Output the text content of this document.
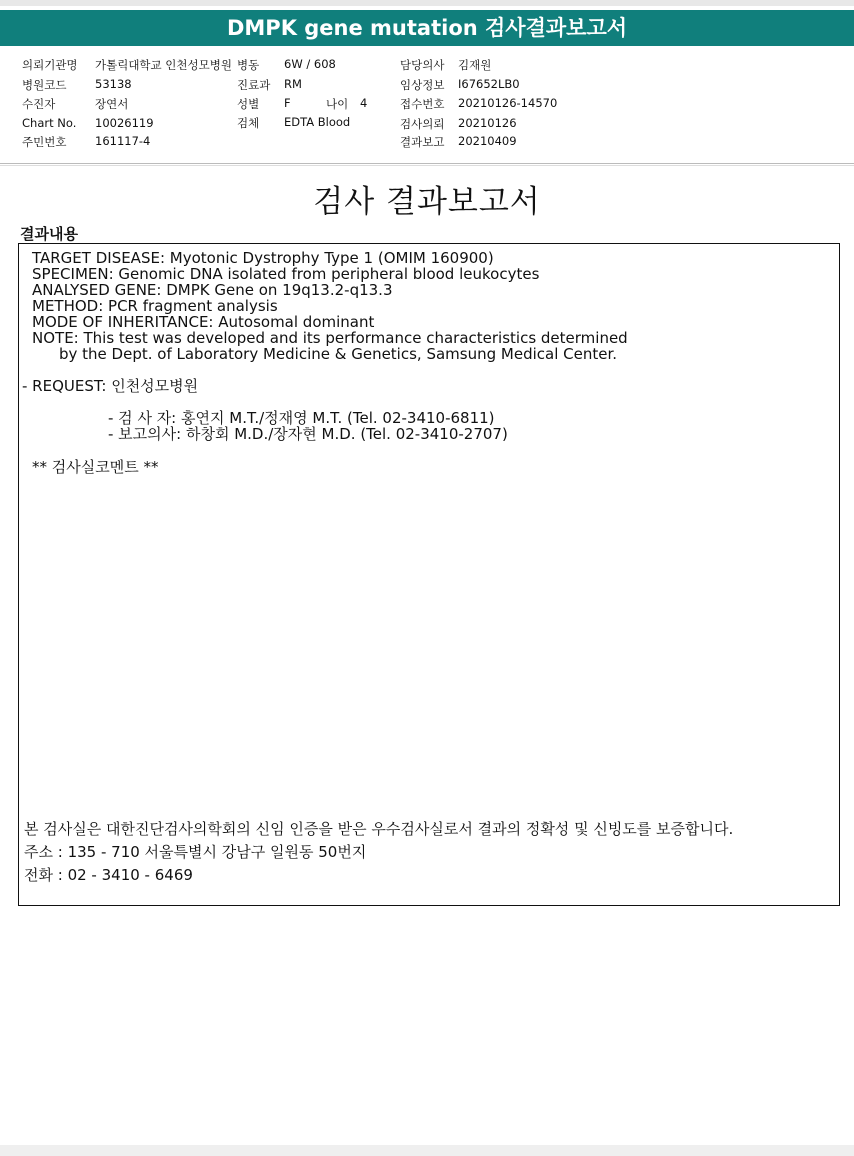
DMPK gene mutation 검사결과보고서
의뢰기관명 가톨릭대학교 인천성모병원
병원코드 53138
수진자	장연서
Chart No. 10026119
주민번호 161117-4
병동 6W / 608
진료과 RM
성별 F	나이 4
검체 EDTA Blood
담당의사 김재원
임상정보 I67652LB0
접수번호 20210126-14570
검사의뢰 20210126
결과보고 20210409
검사 결과보고서
결과내용
TARGET DISEASE: Myotonic Dystrophy Type 1 (OMIM 160900)
SPECIMEN: Genomic DNA isolated from peripheral blood leukocytes
ANALYSED GENE: DMPK Gene on 19q13.2-q13.3
METHOD: PCR fragment analysis
MODE OF INHERITANCE: Autosomal dominant
NOTE: This test was developed and its performance characteristics determined
by the Dept. of Laboratory Medicine & Genetics, Samsung Medical Center.
- REQUEST: 인천성모병원
- 검 사 자: 홍연지 M.T./정재영 M.T. (Tel. 02-3410-6811)
- 보고의사: 하창회 M.D./장자현 M.D. (Tel. 02-3410-2707)
** 검사실코멘트 **
본 검사실은 대한진단검사의학회의 신임 인증을 받은 우수검사실로서 결과의 정확성 및 신빙도를 보증합니다.
주소 : 135 - 710 서울특별시 강남구 일원동 50번지
전화 : 02 - 3410 - 6469
